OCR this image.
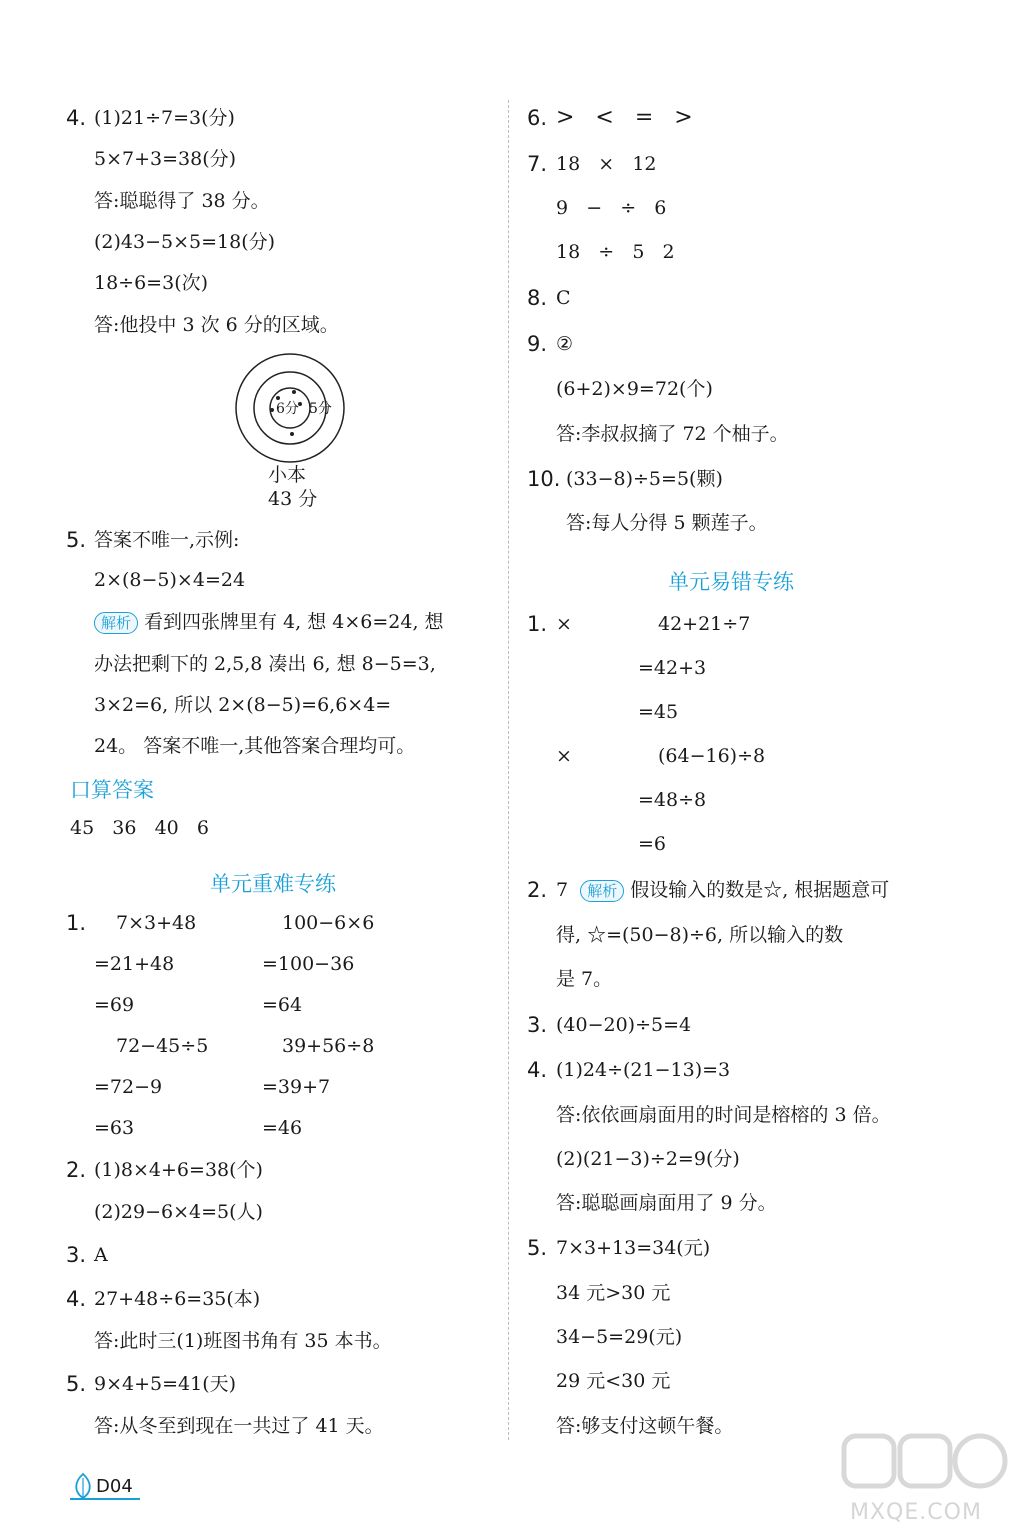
4. (1)21÷7=3(分)
5×7+3=38(分)
答:聪聪得了 38 分。
(2)43−5×5=18(分)
18÷6=3(次)
答:他投中 3 次 6 分的区域。
6分 5分
小本
43 分
5. 答案不唯一,示例:
2×(8−5)×4=24
解析 看到四张牌里有 4, 想 4×6=24, 想
办法把剩下的 2,5,8 凑出 6, 想 8−5=3,
3×2=6, 所以 2×(8−5)=6,6×4=
24。 答案不唯一,其他答案合理均可。
口算答案
45   36   40   6
单元重难专练
1. 7×3+48	100−6×6
=21+48	=100−36
=69	=64
72−45÷5	39+56÷8
=72−9	=39+7
=63	=46
2. (1)8×4+6=38(个)
(2)29−6×4=5(人)
3. A
4. 27+48÷6=35(本)
答:此时三(1)班图书角有 35 本书。
5. 9×4+5=41(天)
答:从冬至到现在一共过了 41 天。
6. >   <   =   >
7. 18   ×   12
9   −   ÷   6
18   ÷   5   2
8. C
9. ②
(6+2)×9=72(个)
答:李叔叔摘了 72 个柚子。
10. (33−8)÷5=5(颗)
答:每人分得 5 颗莲子。
单元易错专练
1. ×	42+21÷7
=42+3
=45
×	(64−16)÷8
=48÷8
=6
2. 7 解析 假设输入的数是☆, 根据题意可
得, ☆=(50−8)÷6, 所以输入的数
是 7。
3. (40−20)÷5=4
4. (1)24÷(21−13)=3
答:依依画扇面用的时间是榕榕的 3 倍。
(2)(21−3)÷2=9(分)
答:聪聪画扇面用了 9 分。
5. 7×3+13=34(元)
34 元>30 元
34−5=29(元)
29 元<30 元
答:够支付这顿午餐。
D04
MXQE.COM
